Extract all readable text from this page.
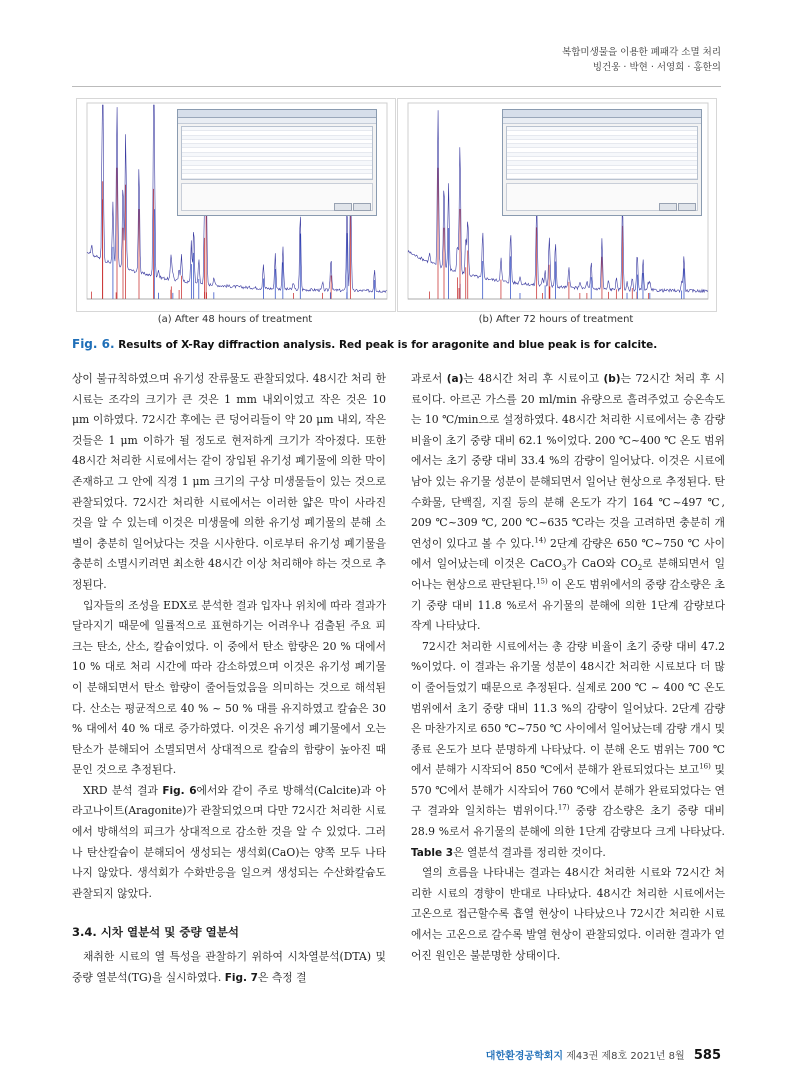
복합미생물을 이용한 폐패각 소멸 처리
빙건웅 · 박현 · 서영희 · 홍한의
(a) After 48 hours of treatment	(b) After 72 hours of treatment
Fig. 6. Results of X-Ray diffraction analysis. Red peak is for aragonite and blue peak is for calcite.

상이 불규칙하였으며 유기성 잔류물도 관찰되었다. 48시간 처리 한 시료는 조각의 크기가 큰 것은 1 mm 내외이었고 작은 것은 10 μm 이하였다. 72시간 후에는 큰 덩어리들이 약 20 μm 내외, 작은 것들은 1 μm 이하가 될 정도로 현저하게 크기가 작아졌다. 또한 48시간 처리한 시료에서는 같이 장입된 유기성 폐기물에 의한 막이 존재하고 그 안에 직경 1 μm 크기의 구상 미생물들이 있는 것으로 관찰되었다. 72시간 처리한 시료에서는 이러한 얇은 막이 사라진 것을 알 수 있는데 이것은 미생물에 의한 유기성 폐기물의 분해 소별이 충분히 일어났다는 것을 시사한다. 이로부터 유기성 폐기물을 충분히 소멸시키려면 최소한 48시간 이상 처리해야 하는 것으로 추정된다.

입자들의 조성을 EDX로 분석한 결과 입자나 위치에 따라 결과가 달라지기 때문에 일률적으로 표현하기는 어려우나 검출된 주요 피크는 탄소, 산소, 칼슘이었다. 이 중에서 탄소 함량은 20 % 대에서 10 % 대로 처리 시간에 따라 감소하였으며 이것은 유기성 폐기물이 분해되면서 탄소 함량이 줄어들었음을 의미하는 것으로 해석된다. 산소는 평균적으로 40 % ~ 50 % 대를 유지하였고 칼슘은 30 % 대에서 40 % 대로 증가하였다. 이것은 유기성 폐기물에서 오는 탄소가 분해되어 소멸되면서 상대적으로 칼슘의 함량이 높아진 때문인 것으로 추정된다.

XRD 분석 결과 Fig. 6에서와 같이 주로 방해석(Calcite)과 아라고나이트(Aragonite)가 관찰되었으며 다만 72시간 처리한 시료에서 방해석의 피크가 상대적으로 감소한 것을 알 수 있었다. 그러나 탄산칼슘이 분해되어 생성되는 생석회(CaO)는 양쪽 모두 나타나지 않았다. 생석회가 수화반응을 일으켜 생성되는 수산화칼슘도 관찰되지 않았다.

3.4. 시차 열분석 및 중량 열분석

채취한 시료의 열 특성을 관찰하기 위하여 시차열분석(DTA) 및 중량 열분석(TG)을 실시하였다. Fig. 7은 측정 결

과로서 (a)는 48시간 처리 후 시료이고 (b)는 72시간 처리 후 시료이다. 아르곤 가스를 20 ml/min 유량으로 흘려주었고 승온속도는 10 ℃/min으로 설정하였다. 48시간 처리한 시료에서는 총 감량 비율이 초기 중량 대비 62.1 %이었다. 200 ℃~400 ℃ 온도 범위에서는 초기 중량 대비 33.4 %의 감량이 일어났다. 이것은 시료에 남아 있는 유기물 성분이 분해되면서 일어난 현상으로 추정된다. 탄수화물, 단백질, 지질 등의 분해 온도가 각기 164 ℃~497 ℃, 209 ℃~309 ℃, 200 ℃~635 ℃라는 것을 고려하면 충분히 개연성이 있다고 볼 수 있다.$^{14)}$ 2단계 감량은 650 ℃~750 ℃ 사이에서 일어났는데 이것은 CaCO$_3$가 CaO와 $CO_2$로 분해되면서 일어나는 현상으로 판단된다.$^{15)}$ 이 온도 범위에서의 중량 감소량은 초기 중량 대비 11.8 %로서 유기물의 분해에 의한 1단계 감량보다 작게 나타났다.

72시간 처리한 시료에서는 총 감량 비율이 초기 중량 대비 47.2 %이었다. 이 결과는 유기물 성분이 48시간 처리한 시료보다 더 많이 줄어들었기 때문으로 추정된다. 실제로 200 ℃ ~ 400 ℃ 온도 범위에서 초기 중량 대비 11.3 %의 감량이 일어났다. 2단계 감량은 마찬가지로 650 ℃~750 ℃ 사이에서 일어났는데 감량 개시 및 종료 온도가 보다 분명하게 나타났다. 이 분해 온도 범위는 700 ℃에서 분해가 시작되어 850 ℃에서 분해가 완료되었다는 보고$^{16)}$ 및 570 ℃에서 분해가 시작되어 760 ℃에서 분해가 완료되었다는 연구 결과와 일치하는 범위이다.$^{17)}$ 중량 감소량은 초기 중량 대비 28.9 %로서 유기물의 분해에 의한 1단계 감량보다 크게 나타났다. Table 3은 열분석 결과를 정리한 것이다.

열의 흐름을 나타내는 결과는 48시간 처리한 시료와 72시간 처리한 시료의 경향이 반대로 나타났다. 48시간 처리한 시료에서는 고온으로 접근할수록 흡열 현상이 나타났으나 72시간 처리한 시료에서는 고온으로 갈수록 발열 현상이 관찰되었다. 이러한 결과가 얻어진 원인은 불분명한 상태이다.

대한환경공학회지 제43권 제8호 2021년 8월 585
